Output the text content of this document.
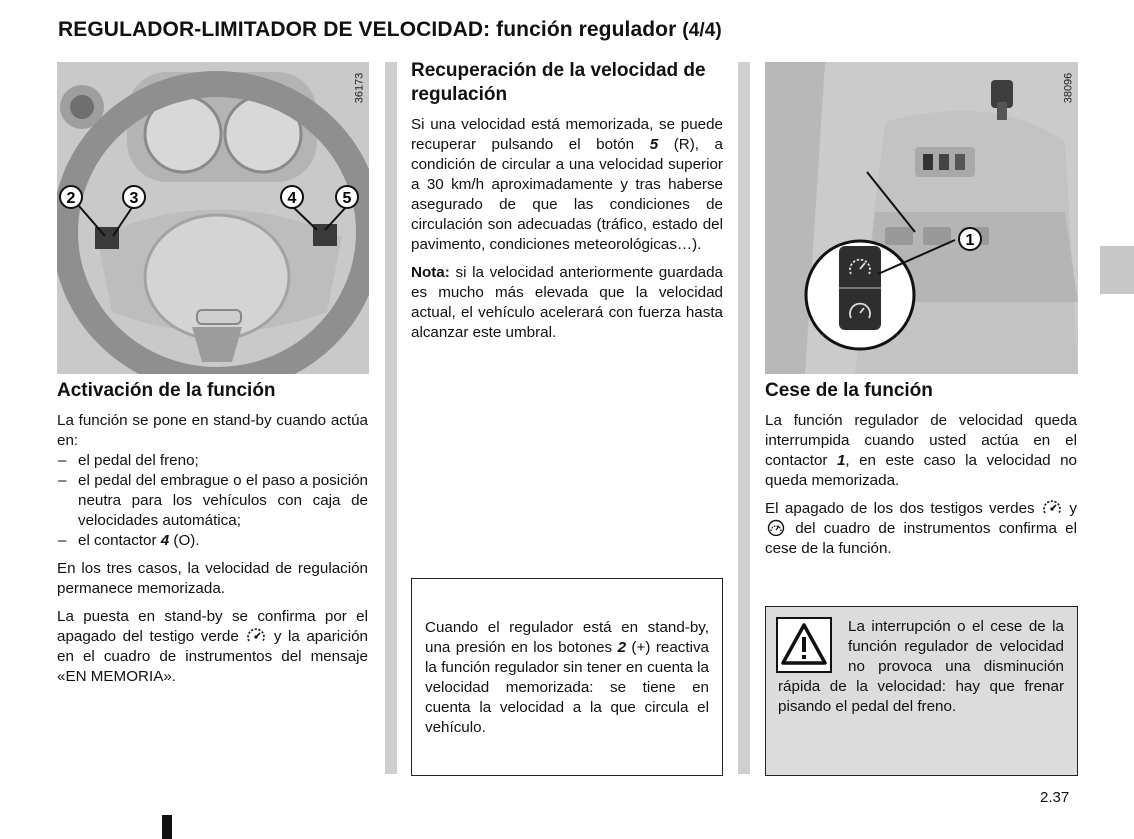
REGULADOR-LIMITADOR DE VELOCIDAD: función regulador (4/4)
36173
2	3	4	5
Activación de la función

La función se pone en stand-by cuando actúa en:

– el pedal del freno;
– el pedal del embrague o el paso a posición neutra para los vehículos con caja de velocidades automática;
– el contactor 4 (O).

En los tres casos, la velocidad de regulación permanece memorizada.

La puesta en stand-by se confirma por el apagado del testigo verde  y la aparición en el cuadro de instrumentos del mensaje «EN MEMORIA».

Recuperación de la velocidad de regulación

Si una velocidad está memorizada, se puede recuperar pulsando el botón 5 (R), a condición de circular a una velocidad superior a 30 km/h aproximadamente y tras haberse asegurado de que las condiciones de circulación son adecuadas (tráfico, estado del pavimento, condiciones meteorológicas…).

Nota: si la velocidad anteriormente guardada es mucho más elevada que la velocidad actual, el vehículo acelerará con fuerza hasta alcanzar este umbral.

Cuando el regulador está en stand-by, una presión en los botones 2 (+) reactiva la función regulador sin tener en cuenta la velocidad memorizada: se tiene en cuenta la velocidad a la que circula el vehículo.
38096
1
Cese de la función

La función regulador de velocidad queda interrumpida cuando usted actúa en el contactor 1, en este caso la velocidad no queda memorizada.

El apagado de los dos testigos verdes  y  del cuadro de instrumentos confirma el cese de la función.

La interrupción o el cese de la función regulador de velocidad no provoca una disminución rápida de la velocidad: hay que frenar pisando el pedal del freno.
2.37
